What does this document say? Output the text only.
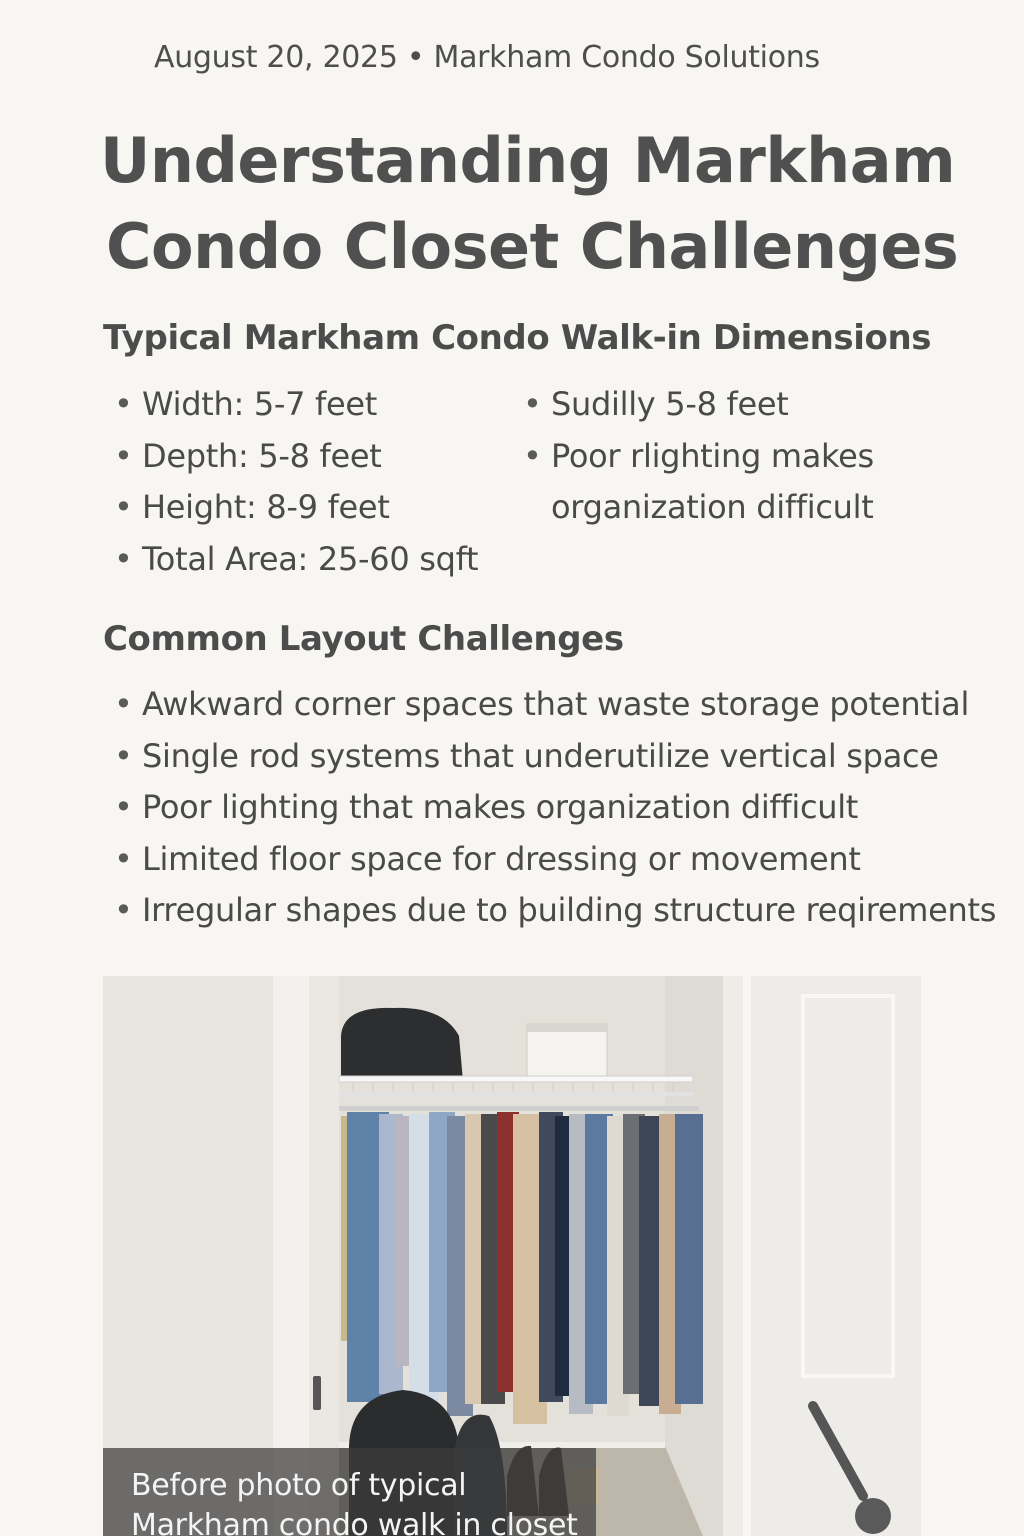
August 20, 2025 • Markham Condo Solutions
Understanding Markham
Condo Closet Challenges
Typical Markham Condo Walk-in Dimensions
• Width: 5-7 feet
• Depth: 5-8 feet
• Height: 8-9 feet
• Total Area: 25-60 sqft
• Sudilly 5-8 feet
• Poor rlighting makes organization difficult
Common Layout Challenges
• Awkward corner spaces that waste storage potential
• Single rod systems that underutilize vertical space
• Poor lighting that makes organization difficult
• Limited floor space for dressing or movement
• Irregular shapes due to þuilding structure reqirements
Before photo of typical
Markham condo walk in closet
